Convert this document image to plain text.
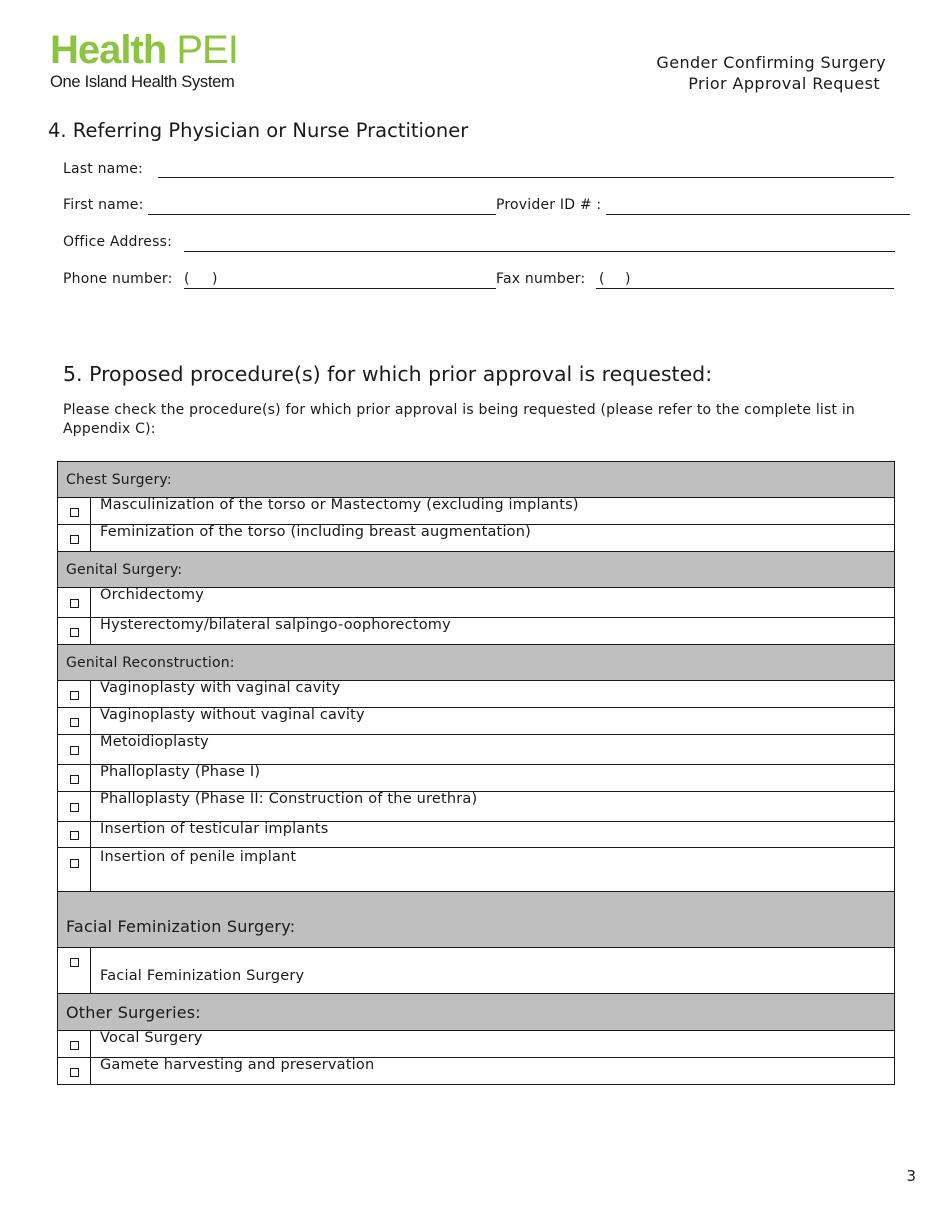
Health PEI
One Island Health System
Gender Confirming Surgery
Prior Approval Request
4. Referring Physician or Nurse Practitioner
Last name:
First name:	Provider ID # :
Office Address:
Phone number: ( )	Fax number: ( )
5. Proposed procedure(s) for which prior approval is requested:
Please check the procedure(s) for which prior approval is being requested (please refer to the complete list in Appendix C):
Chest Surgery:	
	Masculinization of the torso or Mastectomy (excluding implants)
	Feminization of the torso (including breast augmentation)
Genital Surgery:	
	Orchidectomy
	Hysterectomy/bilateral salpingo-oophorectomy
Genital Reconstruction:	
	Vaginoplasty with vaginal cavity
	Vaginoplasty without vaginal cavity
	Metoidioplasty
	Phalloplasty (Phase I)
	Phalloplasty (Phase II: Construction of the urethra)
	Insertion of testicular implants
	Insertion of penile implant
Facial Feminization Surgery:	
	Facial Feminization Surgery
Other Surgeries:	
	Vocal Surgery
	Gamete harvesting and preservation
3
